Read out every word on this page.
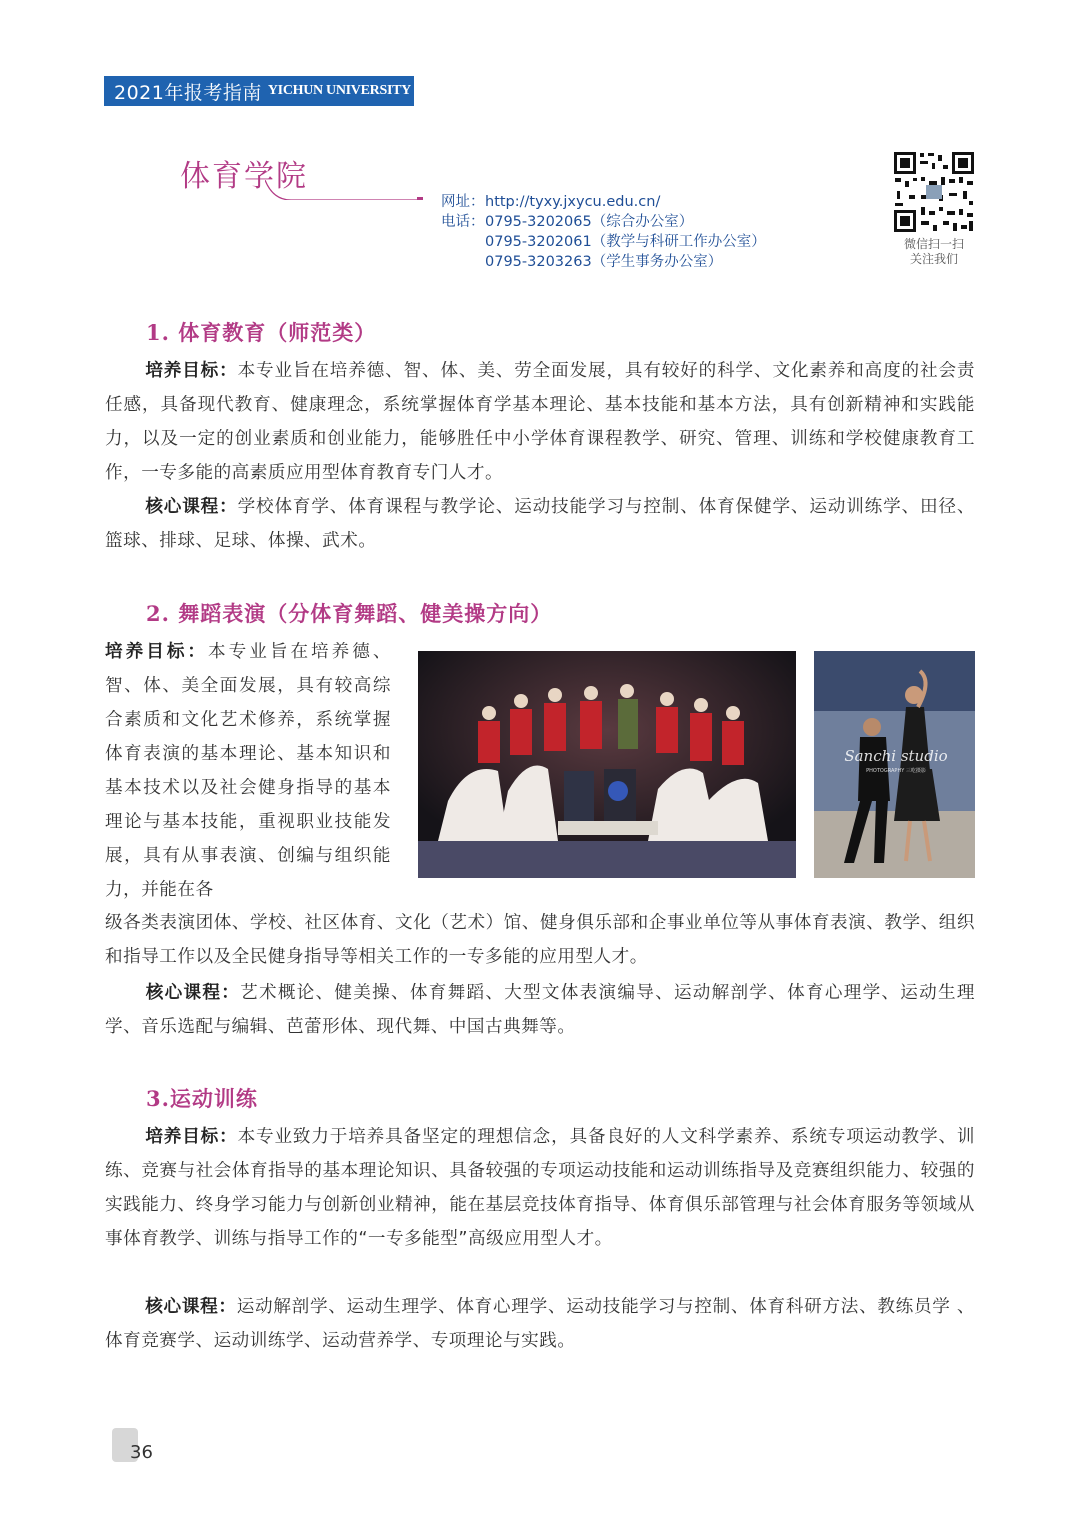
2021年报考指南 YICHUN UNIVERSITY
体育学院
网址： http://tyxy.jxycu.edu.cn/
电话： 0795-3202065（综合办公室）
0795-3202061（教学与科研工作办公室）
0795-3203263（学生事务办公室）
微信扫一扫
关注我们
1. 体育教育（师范类）
培养目标：本专业旨在培养德、智、体、美、劳全面发展，具有较好的科学、文化素养和高度的社会责任感，具备现代教育、健康理念，系统掌握体育学基本理论、基本技能和基本方法，具有创新精神和实践能力，以及一定的创业素质和创业能力，能够胜任中小学体育课程教学、研究、管理、训练和学校健康教育工作，一专多能的高素质应用型体育教育专门人才。
核心课程：学校体育学、体育课程与教学论、运动技能学习与控制、体育保健学、运动训练学、田径、篮球、排球、足球、体操、武术。
2. 舞蹈表演（分体育舞蹈、健美操方向）
培养目标：本专业旨在培养德、智、体、美全面发展，具有较高综合素质和文化艺术修养，系统掌握体育表演的基本理论、基本知识和基本技术以及社会健身指导的基本理论与基本技能，重视职业技能发展，具有从事表演、创编与组织能力，并能在各
Sanchi studio
PHOTOGRAPHY 三吃摄影
级各类表演团体、学校、社区体育、文化（艺术）馆、健身俱乐部和企事业单位等从事体育表演、教学、组织和指导工作以及全民健身指导等相关工作的一专多能的应用型人才。
核心课程：艺术概论、健美操、体育舞蹈、大型文体表演编导、运动解剖学、体育心理学、运动生理学、音乐选配与编辑、芭蕾形体、现代舞、中国古典舞等。
3.运动训练
培养目标：本专业致力于培养具备坚定的理想信念，具备良好的人文科学素养、系统专项运动教学、训练、竞赛与社会体育指导的基本理论知识、具备较强的专项运动技能和运动训练指导及竞赛组织能力、较强的实践能力、终身学习能力与创新创业精神，能在基层竞技体育指导、体育俱乐部管理与社会体育服务等领域从事体育教学、训练与指导工作的“一专多能型”高级应用型人才。
核心课程：运动解剖学、运动生理学、体育心理学、运动技能学习与控制、体育科研方法、教练员学 、体育竞赛学、运动训练学、运动营养学、专项理论与实践。
36
